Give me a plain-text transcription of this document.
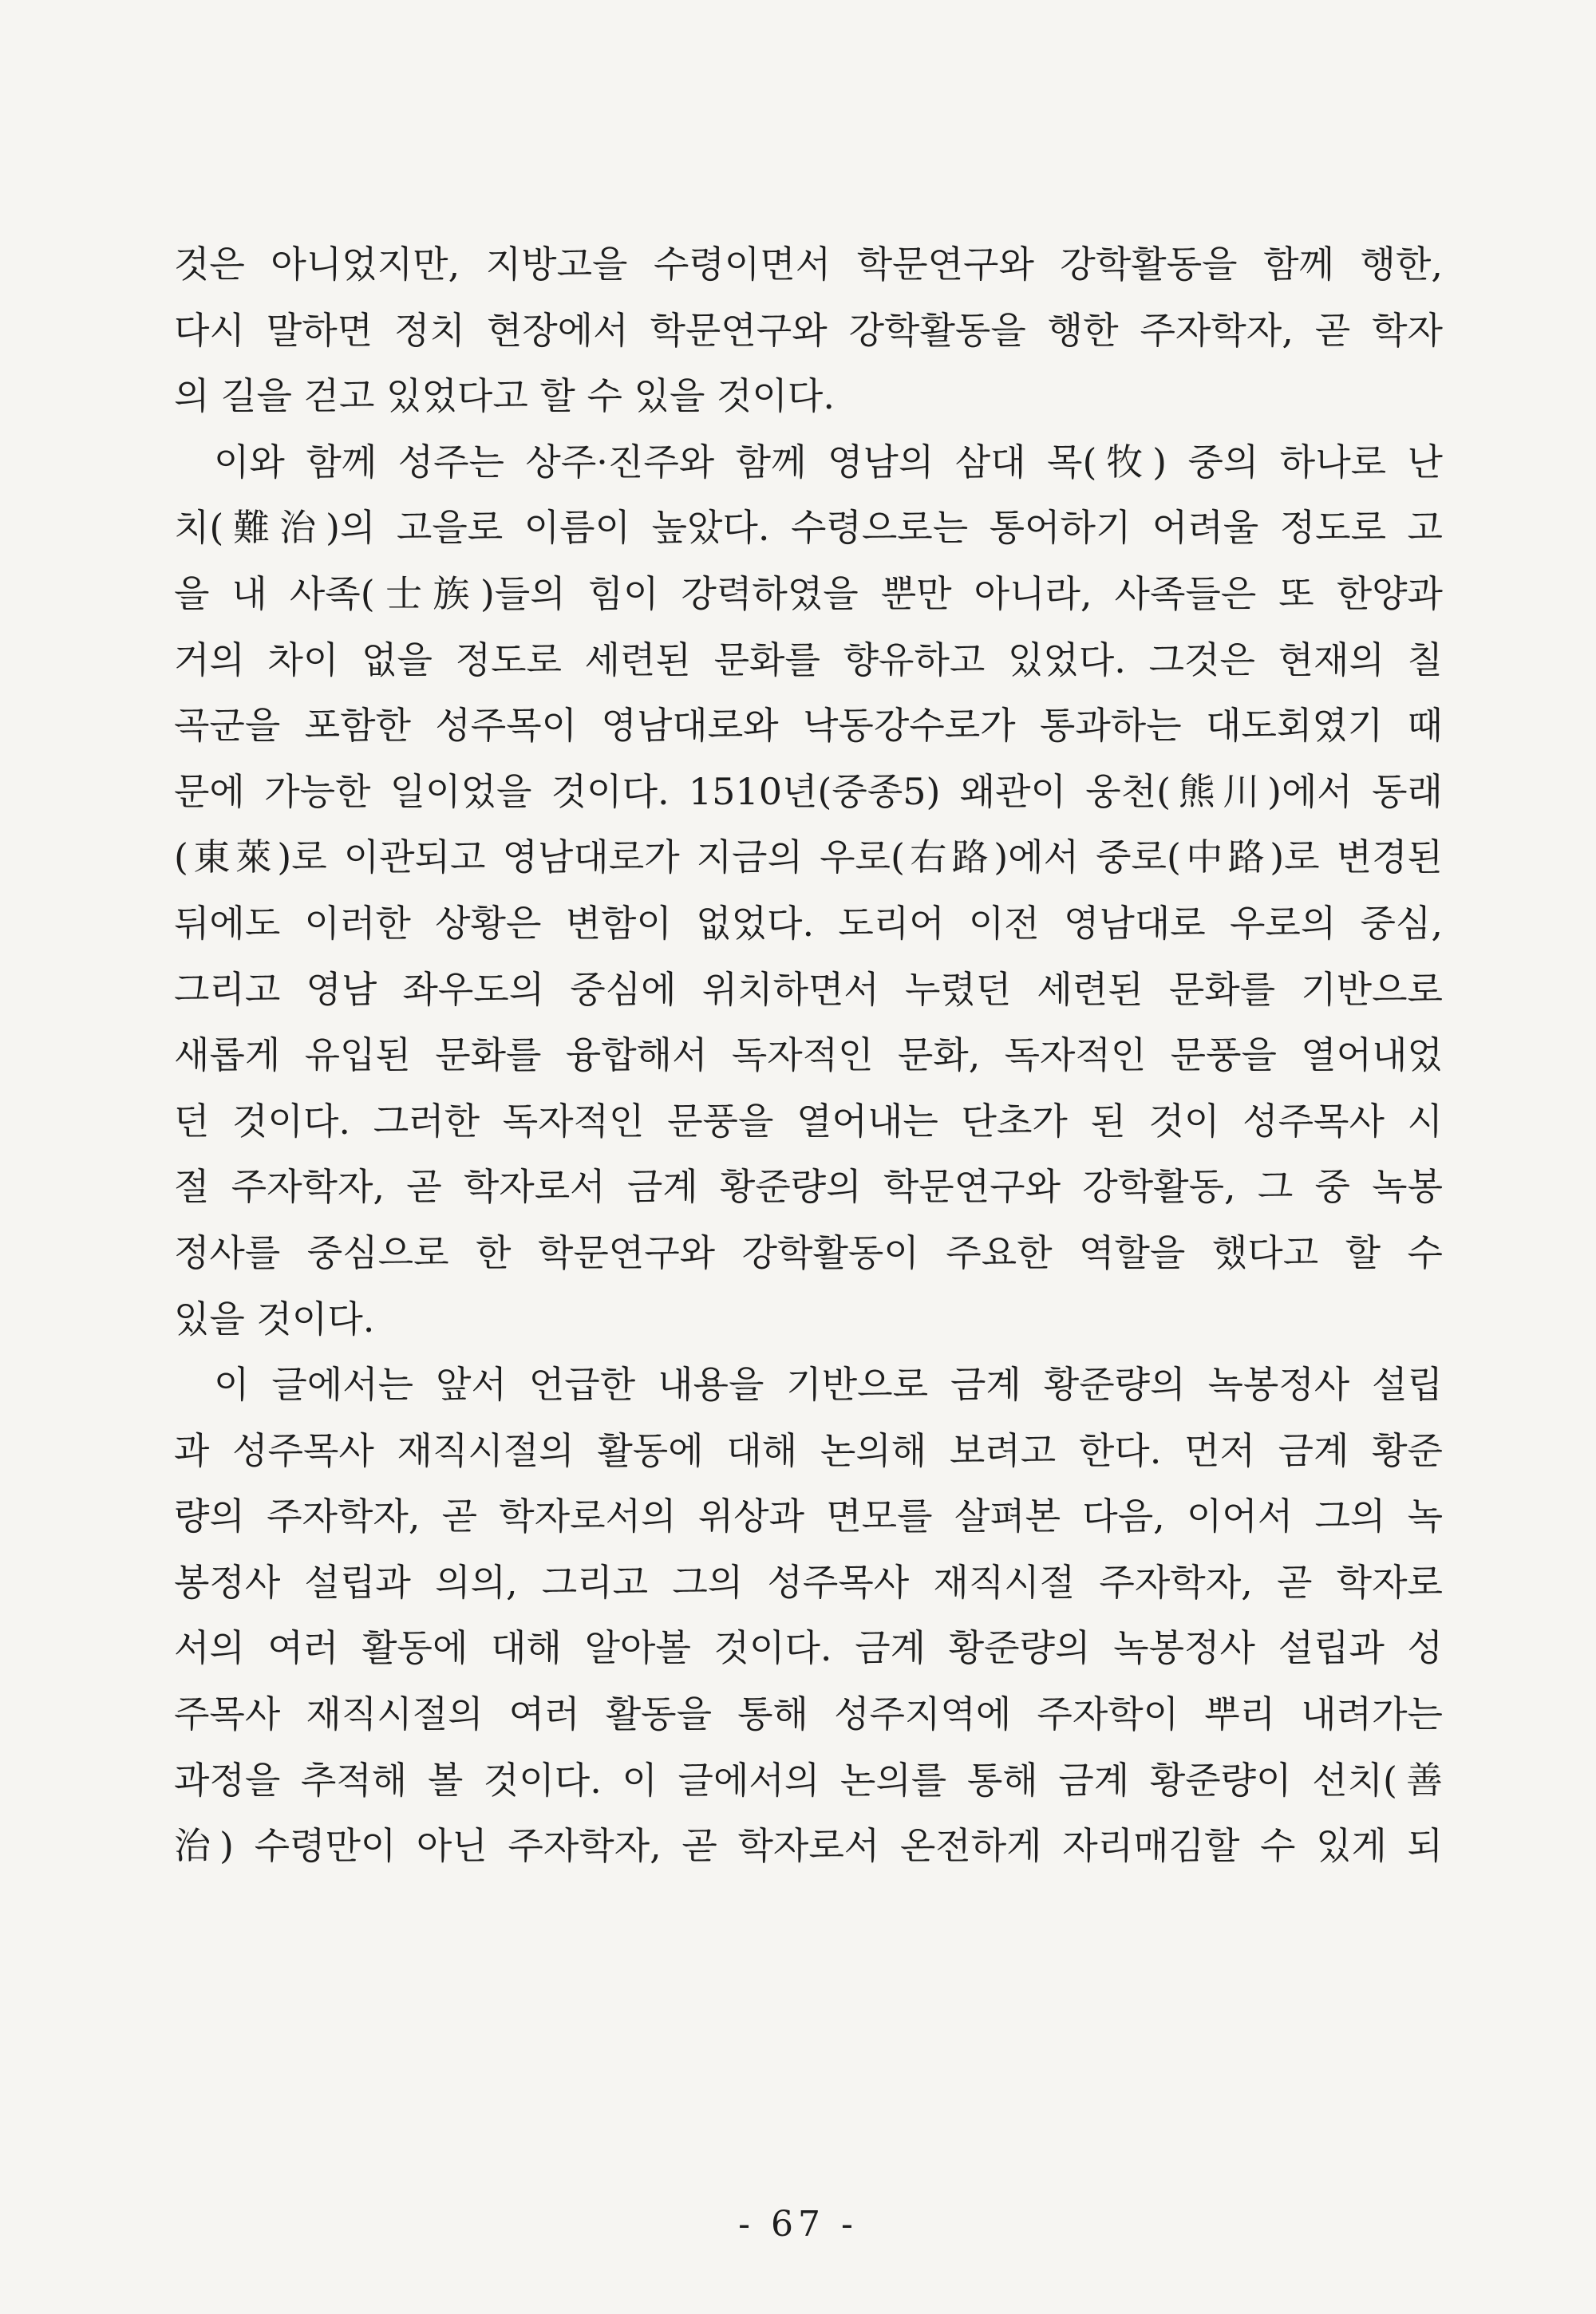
것은 아니었지만, 지방고을 수령이면서 학문연구와 강학활동을 함께 행한,
다시 말하면 정치 현장에서 학문연구와 강학활동을 행한 주자학자, 곧 학자
의 길을 걷고 있었다고 할 수 있을 것이다.
이와 함께 성주는 상주·진주와 함께 영남의 삼대 목(牧) 중의 하나로 난
치(難治)의 고을로 이름이 높았다. 수령으로는 통어하기 어려울 정도로 고
을 내 사족(士族)들의 힘이 강력하였을 뿐만 아니라, 사족들은 또 한양과
거의 차이 없을 정도로 세련된 문화를 향유하고 있었다. 그것은 현재의 칠
곡군을 포함한 성주목이 영남대로와 낙동강수로가 통과하는 대도회였기 때
문에 가능한 일이었을 것이다. 1510년(중종5) 왜관이 웅천(熊川)에서 동래
(東萊)로 이관되고 영남대로가 지금의 우로(右路)에서 중로(中路)로 변경된
뒤에도 이러한 상황은 변함이 없었다. 도리어 이전 영남대로 우로의 중심,
그리고 영남 좌우도의 중심에 위치하면서 누렸던 세련된 문화를 기반으로
새롭게 유입된 문화를 융합해서 독자적인 문화, 독자적인 문풍을 열어내었
던 것이다. 그러한 독자적인 문풍을 열어내는 단초가 된 것이 성주목사 시
절 주자학자, 곧 학자로서 금계 황준량의 학문연구와 강학활동, 그 중 녹봉
정사를 중심으로 한 학문연구와 강학활동이 주요한 역할을 했다고 할 수
있을 것이다.
이 글에서는 앞서 언급한 내용을 기반으로 금계 황준량의 녹봉정사 설립
과 성주목사 재직시절의 활동에 대해 논의해 보려고 한다. 먼저 금계 황준
량의 주자학자, 곧 학자로서의 위상과 면모를 살펴본 다음, 이어서 그의 녹
봉정사 설립과 의의, 그리고 그의 성주목사 재직시절 주자학자, 곧 학자로
서의 여러 활동에 대해 알아볼 것이다. 금계 황준량의 녹봉정사 설립과 성
주목사 재직시절의 여러 활동을 통해 성주지역에 주자학이 뿌리 내려가는
과정을 추적해 볼 것이다. 이 글에서의 논의를 통해 금계 황준량이 선치(善
治) 수령만이 아닌 주자학자, 곧 학자로서 온전하게 자리매김할 수 있게 되
- 67 -
